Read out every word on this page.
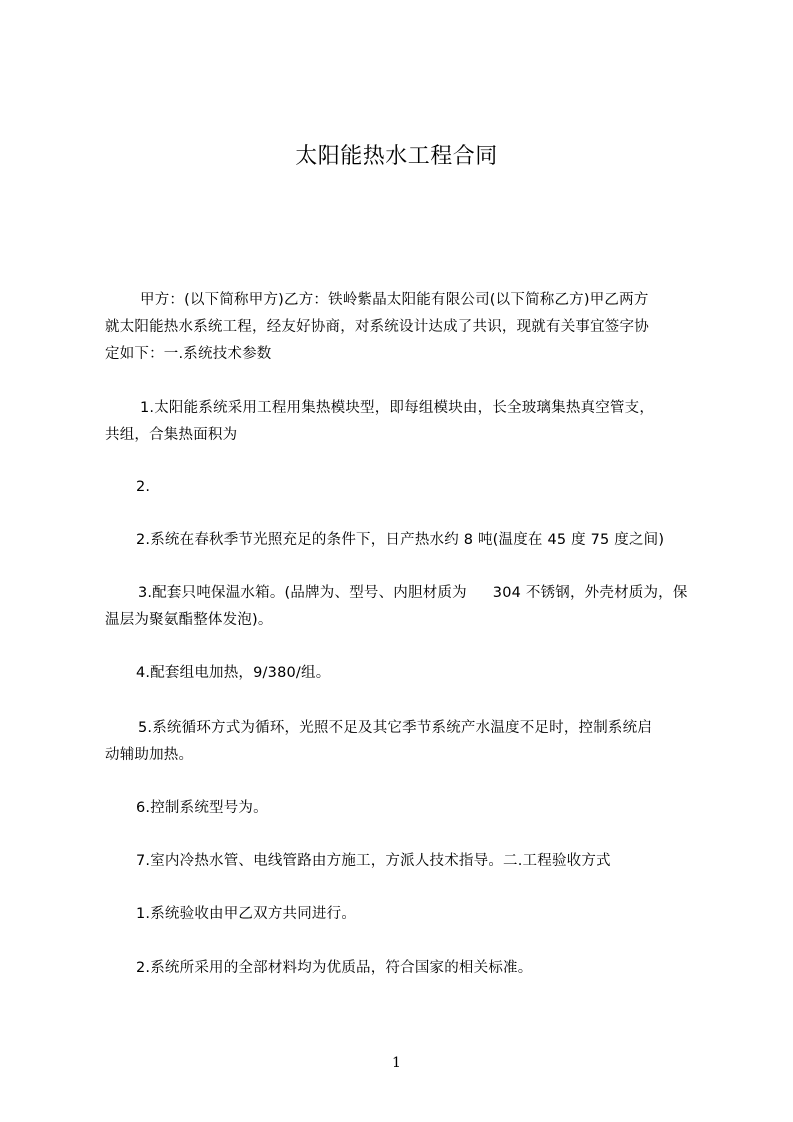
太阳能热水工程合同
甲方：(以下简称甲方)乙方：铁岭紫晶太阳能有限公司(以下简称乙方)甲乙两方
就太阳能热水系统工程，经友好协商，对系统设计达成了共识，现就有关事宜签字协
定如下：一.系统技术参数
1.太阳能系统采用工程用集热模块型，即每组模块由，长全玻璃集热真空管支，
共组，合集热面积为
2.
2.系统在春秋季节光照充足的条件下，日产热水约 8 吨(温度在 45 度 75 度之间)
3.配套只吨保温水箱。(品牌为、型号、内胆材质为 304 不锈钢，外壳材质为，保
温层为聚氨酯整体发泡)。
4.配套组电加热，9/380/组。
5.系统循环方式为循环，光照不足及其它季节系统产水温度不足时，控制系统启
动辅助加热。
6.控制系统型号为。
7.室内冷热水管、电线管路由方施工，方派人技术指导。二.工程验收方式
1.系统验收由甲乙双方共同进行。
2.系统所采用的全部材料均为优质品，符合国家的相关标准。
1
